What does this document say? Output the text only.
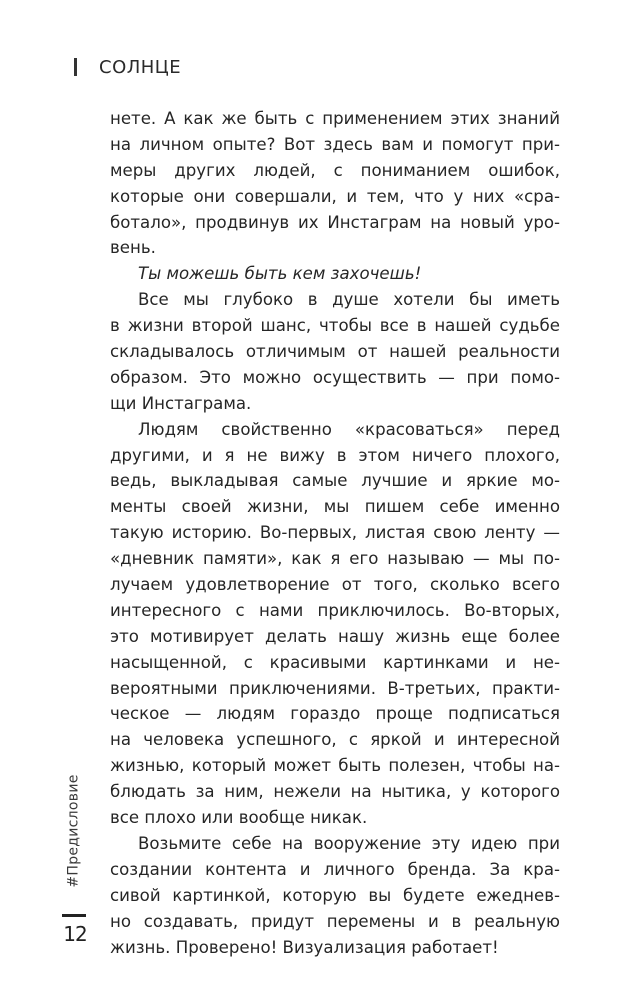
СОЛНЦЕ
нете. А как же быть с применением этих знаний
на личном опыте? Вот здесь вам и помогут при-
меры других людей, с пониманием ошибок,
которые они совершали, и тем, что у них «сра-
ботало», продвинув их Инстаграм на новый уро-
вень.
Ты можешь быть кем захочешь!
Все мы глубоко в душе хотели бы иметь
в жизни второй шанс, чтобы все в нашей судьбе
складывалось отличимым от нашей реальности
образом. Это можно осуществить — при помо-
щи Инстаграма.
Людям свойственно «красоваться» перед
другими, и я не вижу в этом ничего плохого,
ведь, выкладывая самые лучшие и яркие мо-
менты своей жизни, мы пишем себе именно
такую историю. Во-первых, листая свою ленту —
«дневник памяти», как я его называю — мы по-
лучаем удовлетворение от того, сколько всего
интересного с нами приключилось. Во-вторых,
это мотивирует делать нашу жизнь еще более
насыщенной, с красивыми картинками и не-
вероятными приключениями. В-третьих, практи-
ческое — людям гораздо проще подписаться
на человека успешного, с яркой и интересной
жизнью, который может быть полезен, чтобы на-
блюдать за ним, нежели на нытика, у которого
все плохо или вообще никак.
Возьмите себе на вооружение эту идею при
создании контента и личного бренда. За кра-
сивой картинкой, которую вы будете ежеднев-
но создавать, придут перемены и в реальную
жизнь. Проверено! Визуализация работает!
#Предисловие
12
